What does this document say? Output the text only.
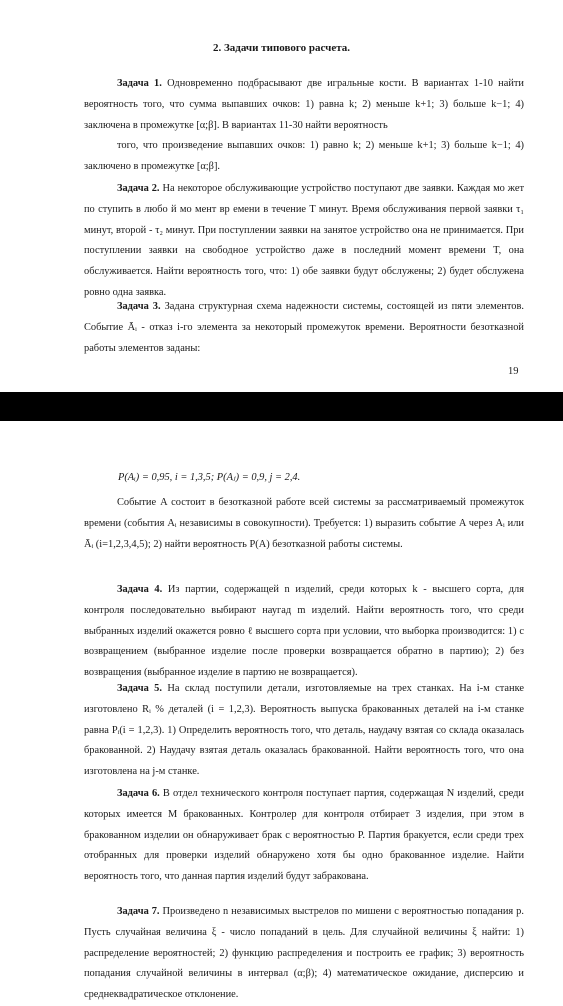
2. Задачи типового расчета.

Задача 1. Одновременно подбрасывают две игральные кости. В вариантах 1-10 найти вероятность того, что сумма выпавших очков: 1) равна k; 2) меньше k+1; 3) больше k−1; 4) заключена в промежутке [α;β]. В вариантах 11-30 найти вероятность

того, что произведение выпавших очков: 1) равно k; 2) меньше k+1; 3) больше k−1; 4) заключено в промежутке [α;β].

Задача 2. На некоторое обслуживающие устройство поступают две заявки. Каждая мо жет по ступить в любо й мо мент вр емени в течение T минут. Время обслуживания первой заявки τ₁ минут, второй - τ₂ минут. При поступлении заявки на занятое устройство она не принимается. При поступлении заявки на свободное устройство даже в последний момент времени T, она обслуживается. Найти вероятность того, что: 1) обе заявки будут обслужены; 2) будет обслужена ровно одна заявка.

Задача 3. Задана структурная схема надежности системы, состоящей из пяти элементов. Событие Āᵢ - отказ i-го элемента за некоторый промежуток времени. Вероятности безотказной работы элементов заданы:

19
P(Aᵢ) = 0,95, i = 1,3,5; P(Aⱼ) = 0,9, j = 2,4.

Событие A состоит в безотказной работе всей системы за рассматриваемый промежуток времени (события Aᵢ независимы в совокупности). Требуется: 1) выразить событие A через Aᵢ или Āᵢ (i=1,2,3,4,5); 2) найти вероятность P(A) безотказной работы системы.

Задача 4. Из партии, содержащей n изделий, среди которых k - высшего сорта, для контроля последовательно выбирают наугад m изделий. Найти вероятность того, что среди выбранных изделий окажется ровно ℓ высшего сорта при условии, что выборка производится: 1) с возвращением (выбранное изделие после проверки возвращается обратно в партию); 2) без возвращения (выбранное изделие в партию не возвращается).

Задача 5. На склад поступили детали, изготовляемые на трех станках. На i-м станке изготовлено Rᵢ % деталей (i = 1,2,3). Вероятность выпуска бракованных деталей на i-м станке равна Pᵢ(i = 1,2,3). 1) Определить вероятность того, что деталь, наудачу взятая со склада оказалась бракованной. 2) Наудачу взятая деталь оказалась бракованной. Найти вероятность того, что она изготовлена на j-м станке.

Задача 6. В отдел технического контроля поступает партия, содержащая N изделий, среди которых имеется M бракованных. Контролер для контроля отбирает 3 изделия, при этом в бракованном изделии он обнаруживает брак с вероятностью P. Партия бракуется, если среди трех отобранных для проверки изделий обнаружено хотя бы одно бракованное изделие. Найти вероятность того, что данная партия изделий будут забракована.

Задача 7. Произведено n независимых выстрелов по мишени с вероятностью попадания p. Пусть случайная величина ξ - число попаданий в цель. Для случайной величины ξ найти: 1) распределение вероятностей; 2) функцию распределения и построить ее график; 3) вероятность попадания случайной величины в интервал (α;β); 4) математическое ожидание, дисперсию и среднеквадратическое отклонение.
